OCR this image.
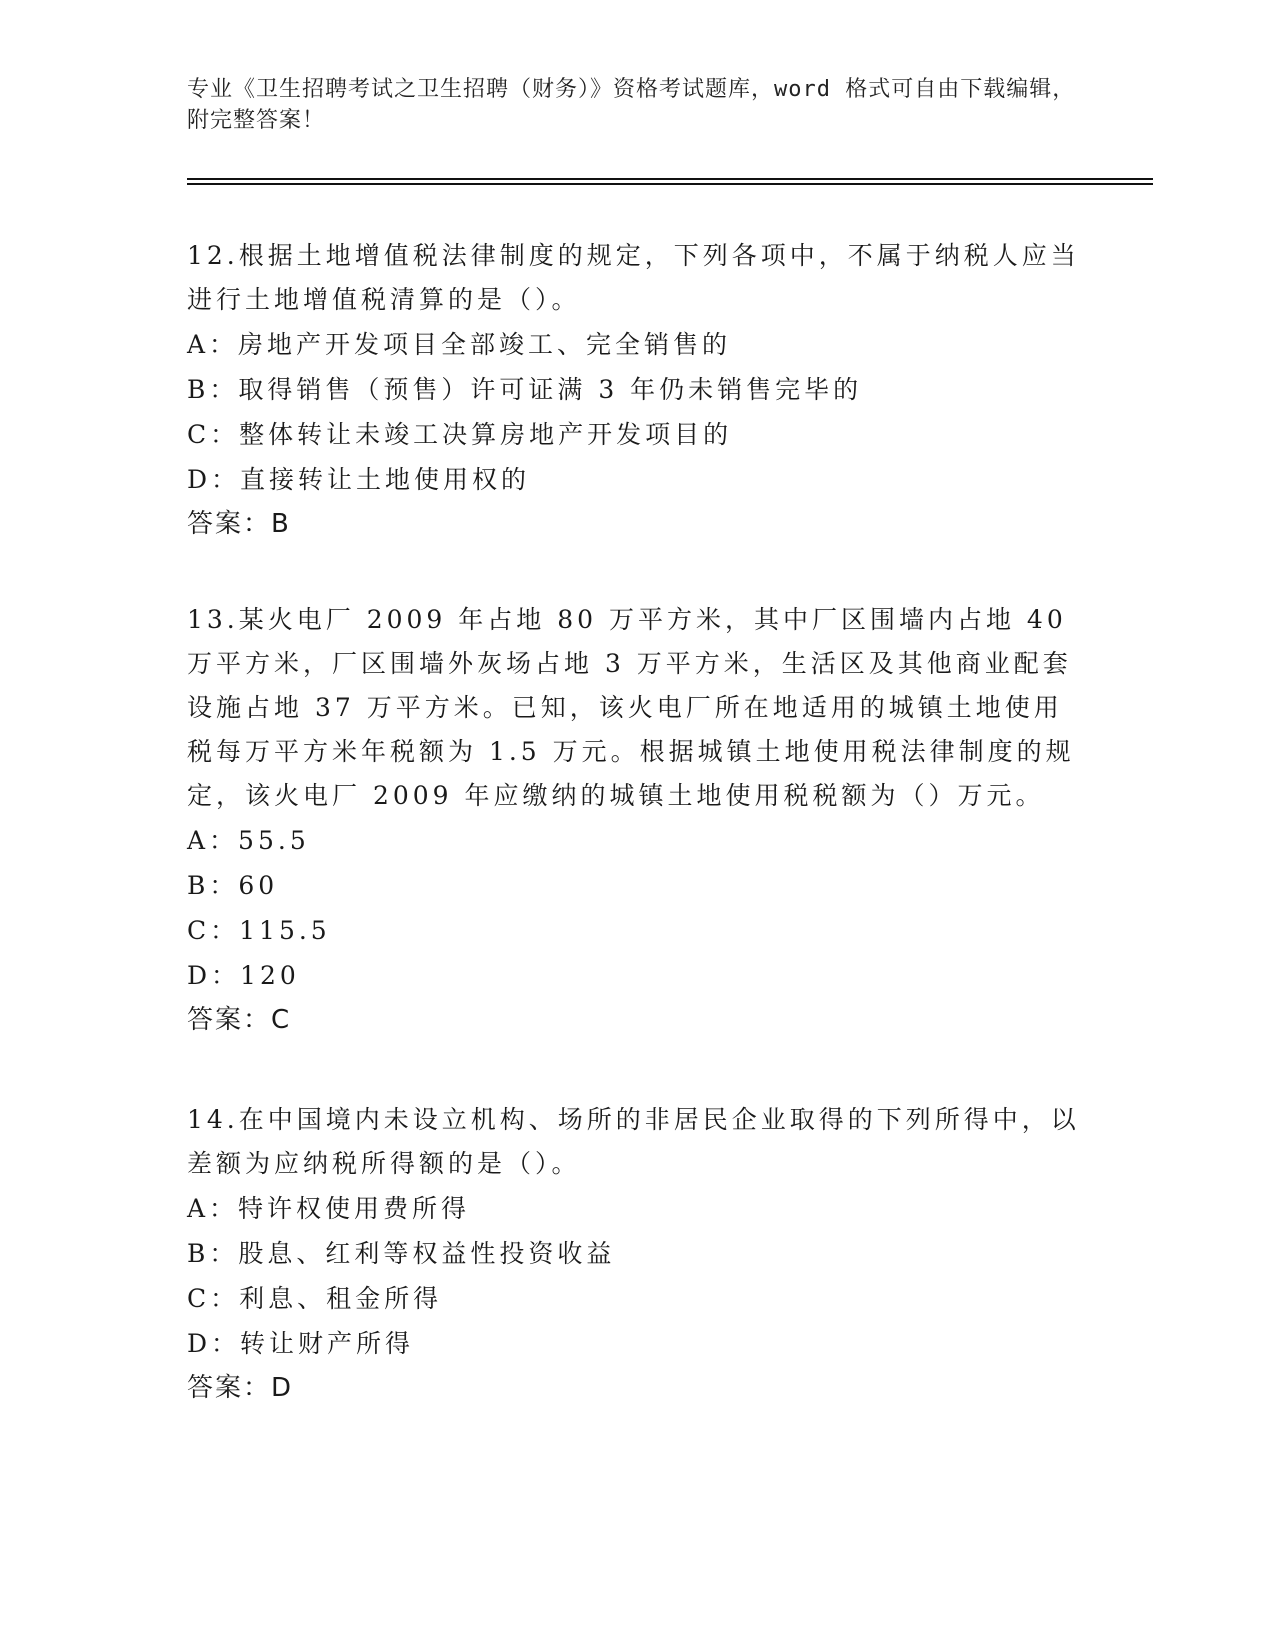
专业《卫生招聘考试之卫生招聘（财务）》资格考试题库，word 格式可自由下载编辑，附完整答案！
12.根据土地增值税法律制度的规定，下列各项中，不属于纳税人应当进行土地增值税清算的是（）。
A：房地产开发项目全部竣工、完全销售的
B：取得销售（预售）许可证满 3 年仍未销售完毕的
C：整体转让未竣工决算房地产开发项目的
D：直接转让土地使用权的
答案：B
13.某火电厂 2009 年占地 80 万平方米，其中厂区围墙内占地 40 万平方米，厂区围墙外灰场占地 3 万平方米，生活区及其他商业配套设施占地 37 万平方米。已知，该火电厂所在地适用的城镇土地使用税每万平方米年税额为 1.5 万元。根据城镇土地使用税法律制度的规定，该火电厂 2009 年应缴纳的城镇土地使用税税额为（）万元。
A：55.5
B：60
C：115.5
D：120
答案：C
14.在中国境内未设立机构、场所的非居民企业取得的下列所得中，以差额为应纳税所得额的是（）。
A：特许权使用费所得
B：股息、红利等权益性投资收益
C：利息、租金所得
D：转让财产所得
答案：D
